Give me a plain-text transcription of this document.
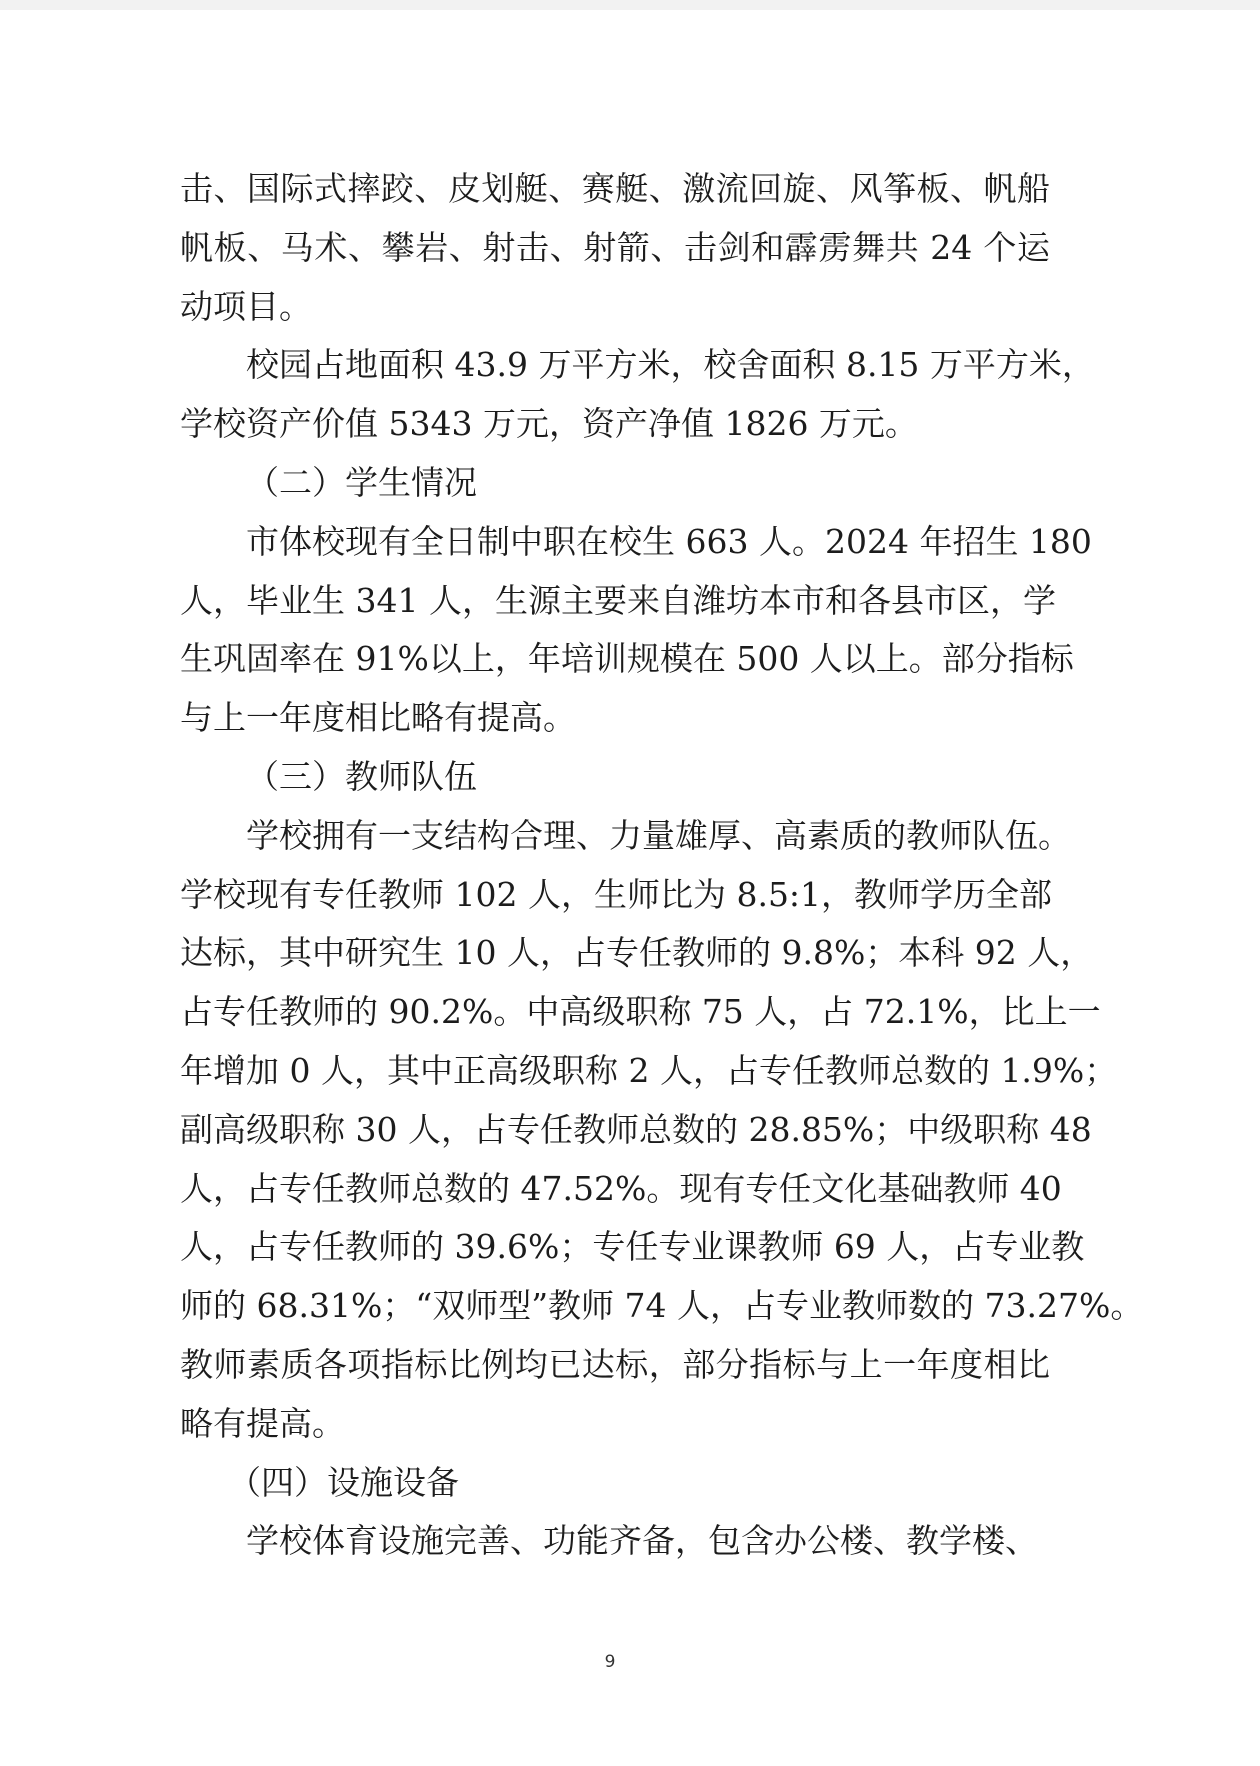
击、国际式摔跤、皮划艇、赛艇、激流回旋、风筝板、帆船
帆板、马术、攀岩、射击、射箭、击剑和霹雳舞共 24 个运
动项目。
校园占地面积 43.9 万平方米，校舍面积 8.15 万平方米，
学校资产价值 5343 万元，资产净值 1826 万元。
（二）学生情况
市体校现有全日制中职在校生 663 人。2024 年招生 180
人，毕业生 341 人，生源主要来自潍坊本市和各县市区，学
生巩固率在 91%以上，年培训规模在 500 人以上。部分指标
与上一年度相比略有提高。
（三）教师队伍
学校拥有一支结构合理、力量雄厚、高素质的教师队伍。
学校现有专任教师 102 人，生师比为 8.5:1，教师学历全部
达标，其中研究生 10 人，占专任教师的 9.8%；本科 92 人，
占专任教师的 90.2%。中高级职称 75 人，占 72.1%，比上一
年增加 0 人，其中正高级职称 2 人，占专任教师总数的 1.9%；
副高级职称 30 人，占专任教师总数的 28.85%；中级职称 48
人，占专任教师总数的 47.52%。现有专任文化基础教师 40
人，占专任教师的 39.6%；专任专业课教师 69 人，占专业教
师的 68.31%；“双师型”教师 74 人，占专业教师数的 73.27%。
教师素质各项指标比例均已达标，部分指标与上一年度相比
略有提高。
（四）设施设备
学校体育设施完善、功能齐备，包含办公楼、教学楼、
9
